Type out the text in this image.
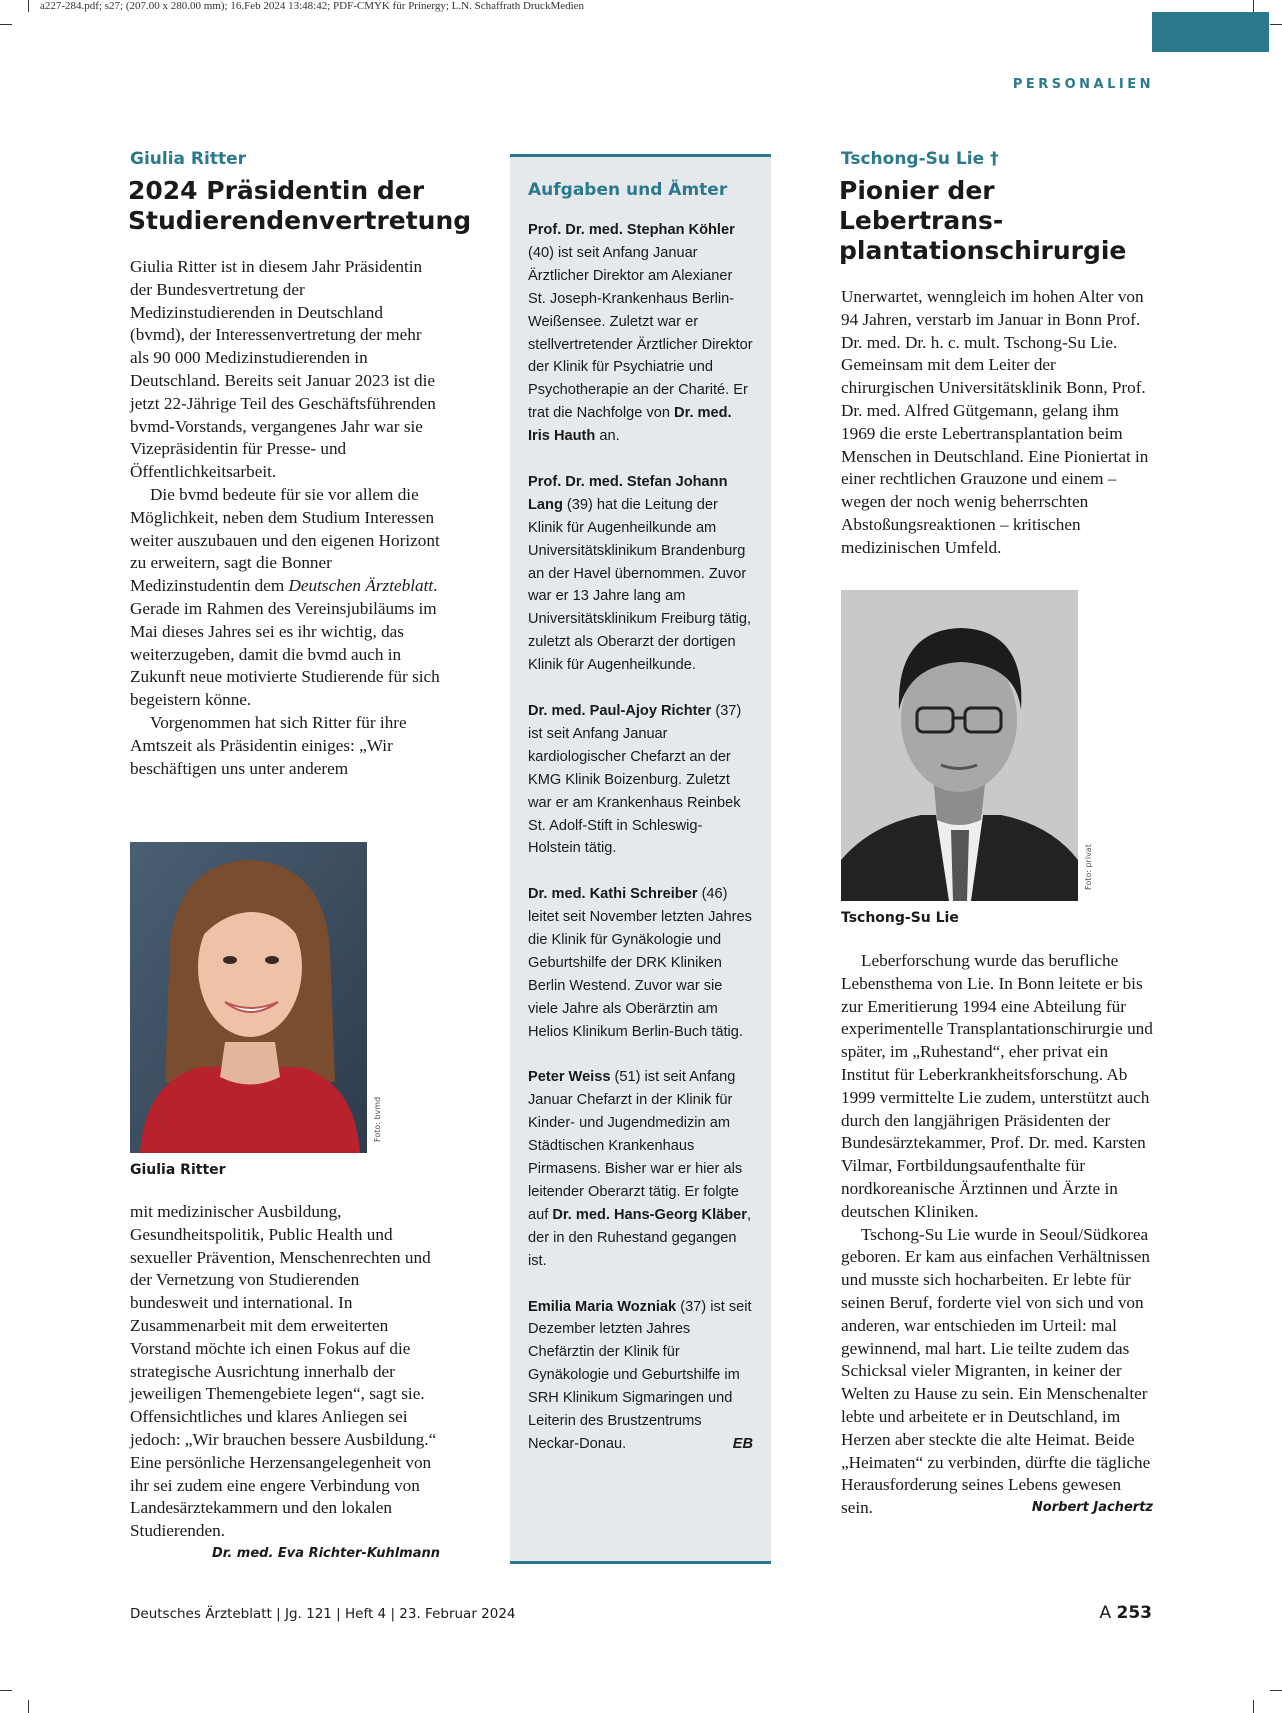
a227-284.pdf; s27; (207.00 x 280.00 mm); 16.Feb 2024 13:48:42; PDF-CMYK für Prinergy; L.N. Schaffrath DruckMedien
PERSONALIEN
Giulia Ritter
2024 Präsidentin der
Studierendenvertretung

Giulia Ritter ist in diesem Jahr Präsidentin der Bundesvertretung der Medizinstudierenden in Deutschland (bvmd), der Interessenvertretung der mehr als 90 000 Medizinstudierenden in Deutschland. Bereits seit Januar 2023 ist die jetzt 22-Jährige Teil des Geschäftsführenden bvmd-Vorstands, vergangenes Jahr war sie Vizepräsidentin für Presse- und Öffentlichkeitsarbeit.

Die bvmd bedeute für sie vor allem die Möglichkeit, neben dem Studium Interessen weiter auszubauen und den eigenen Horizont zu erweitern, sagt die Bonner Medizinstudentin dem Deutschen Ärzteblatt. Gerade im Rahmen des Vereinsjubiläums im Mai dieses Jahres sei es ihr wichtig, das weiterzugeben, damit die bvmd auch in Zukunft neue motivierte Studierende für sich begeistern könne.

Vorgenommen hat sich Ritter für ihre Amtszeit als Präsidentin einiges: „Wir beschäftigen uns unter anderem

Foto: bvmd
Giulia Ritter

mit medizinischer Ausbildung, Gesundheitspolitik, Public Health und sexueller Prävention, Menschenrechten und der Vernetzung von Studierenden bundesweit und international. In Zusammenarbeit mit dem erweiterten Vorstand möchte ich einen Fokus auf die strategische Ausrichtung innerhalb der jeweiligen Themengebiete legen“, sagt sie. Offensichtliches und klares Anliegen sei jedoch: „Wir brauchen bessere Ausbildung.“ Eine persönliche Herzensangelegenheit von ihr sei zudem eine engere Verbindung von Landesärztekammern und den lokalen Studierenden.
Dr. med. Eva Richter-Kuhlmann

Aufgaben und Ämter
Prof. Dr. med. Stephan Köhler (40) ist seit Anfang Januar Ärztlicher Direktor am Alexianer St. Joseph-Krankenhaus Berlin-Weißensee. Zuletzt war er stellvertretender Ärztlicher Direktor der Klinik für Psychiatrie und Psychotherapie an der Charité. Er trat die Nachfolge von Dr. med. Iris Hauth an.
Prof. Dr. med. Stefan Johann Lang (39) hat die Leitung der Klinik für Augenheilkunde am Universitätsklinikum Brandenburg an der Havel übernommen. Zuvor war er 13 Jahre lang am Universitätsklinikum Freiburg tätig, zuletzt als Oberarzt der dortigen Klinik für Augenheilkunde.
Dr. med. Paul-Ajoy Richter (37) ist seit Anfang Januar kardiologischer Chefarzt an der KMG Klinik Boizenburg. Zuletzt war er am Krankenhaus Reinbek St. Adolf-Stift in Schleswig-Holstein tätig.
Dr. med. Kathi Schreiber (46) leitet seit November letzten Jahres die Klinik für Gynäkologie und Geburtshilfe der DRK Kliniken Berlin Westend. Zuvor war sie viele Jahre als Oberärztin am Helios Klinikum Berlin-Buch tätig.
Peter Weiss (51) ist seit Anfang Januar Chefarzt in der Klinik für Kinder- und Jugendmedizin am Städtischen Krankenhaus Pirmasens. Bisher war er hier als leitender Oberarzt tätig. Er folgte auf Dr. med. Hans-Georg Kläber, der in den Ruhestand gegangen ist.
Emilia Maria Wozniak (37) ist seit Dezember letzten Jahres Chefärztin der Klinik für Gynäkologie und Geburtshilfe im SRH Klinikum Sigmaringen und Leiterin des Brustzentrums Neckar-Donau.	EB
Tschong-Su Lie †
Pionier der Lebertrans-
plantationschirurgie

Unerwartet, wenngleich im hohen Alter von 94 Jahren, verstarb im Januar in Bonn Prof. Dr. med. Dr. h. c. mult. Tschong-Su Lie. Gemeinsam mit dem Leiter der chirurgischen Universitätsklinik Bonn, Prof. Dr. med. Alfred Gütgemann, gelang ihm 1969 die erste Lebertransplantation beim Menschen in Deutschland. Eine Pioniertat in einer rechtlichen Grauzone und einem – wegen der noch wenig beherrschten Abstoßungsreaktionen – kritischen medizinischen Umfeld.

Foto: privat
Tschong-Su Lie

Leberforschung wurde das berufliche Lebensthema von Lie. In Bonn leitete er bis zur Emeritierung 1994 eine Abteilung für experimentelle Transplantationschirurgie und später, im „Ruhestand“, eher privat ein Institut für Leberkrankheitsforschung. Ab 1999 vermittelte Lie zudem, unterstützt auch durch den langjährigen Präsidenten der Bundesärztekammer, Prof. Dr. med. Karsten Vilmar, Fortbildungsaufenthalte für nordkoreanische Ärztinnen und Ärzte in deutschen Kliniken.

Tschong-Su Lie wurde in Seoul/Südkorea geboren. Er kam aus einfachen Verhältnissen und musste sich hocharbeiten. Er lebte für seinen Beruf, forderte viel von sich und von anderen, war entschieden im Urteil: mal gewinnend, mal hart. Lie teilte zudem das Schicksal vieler Migranten, in keiner der Welten zu Hause zu sein. Ein Menschenalter lebte und arbeitete er in Deutschland, im Herzen aber steckte die alte Heimat. Beide „Heimaten“ zu verbinden, dürfte die tägliche Herausforderung seines Lebens gewesen sein.	Norbert Jachertz

Deutsches Ärzteblatt | Jg. 121 | Heft 4 | 23. Februar 2024	A 253
